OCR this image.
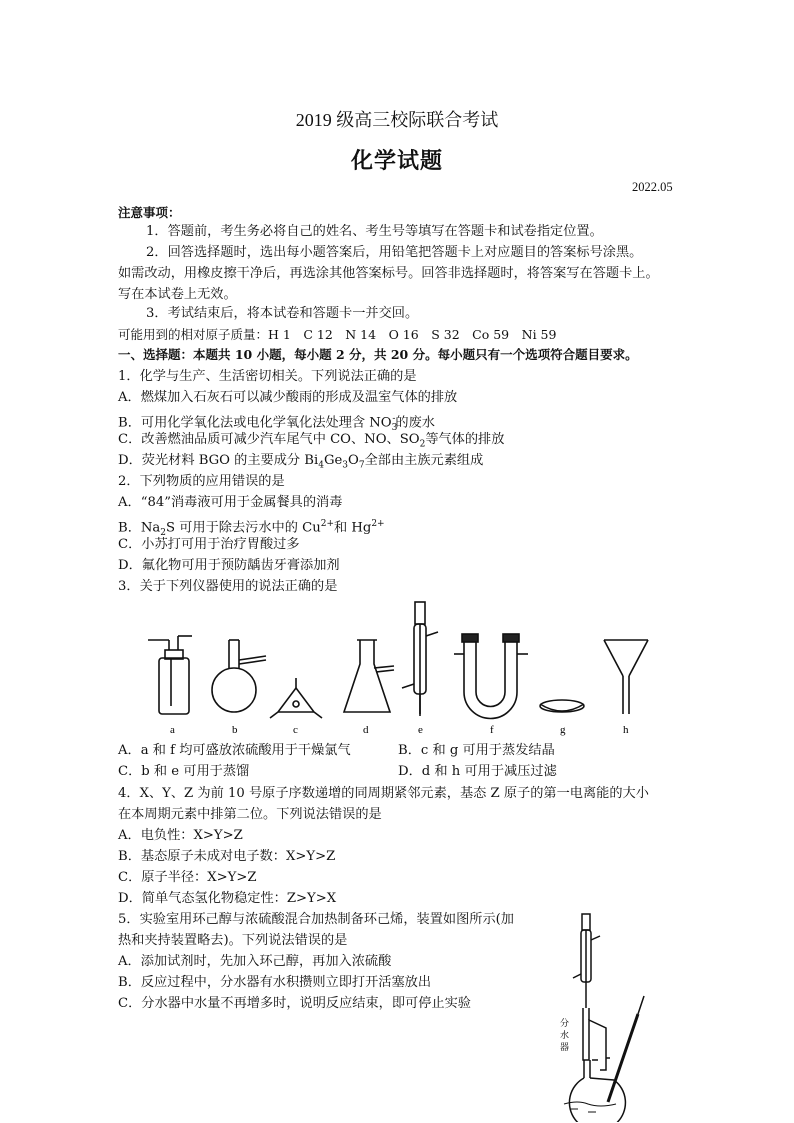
2019 级高三校际联合考试
化学试题
2022.05
注意事项：
1．答题前，考生务必将自己的姓名、考生号等填写在答题卡和试卷指定位置。
2．回答选择题时，选出每小题答案后，用铅笔把答题卡上对应题目的答案标号涂黑。
如需改动，用橡皮擦干净后，再选涂其他答案标号。回答非选择题时，将答案写在答题卡上。
写在本试卷上无效。
3．考试结束后，将本试卷和答题卡一并交回。
可能用到的相对原子质量：H 1　C 12　N 14　O 16　S 32　Co 59　Ni 59
一、选择题：本题共 10 小题，每小题 2 分，共 20 分。每小题只有一个选项符合题目要求。
1．化学与生产、生活密切相关。下列说法正确的是
A．燃煤加入石灰石可以减少酸雨的形成及温室气体的排放
B．可用化学氧化法或电化学氧化法处理含 $NO_3^-$的废水
C．改善燃油品质可减少汽车尾气中 CO、NO、$SO_2$等气体的排放
D．荧光材料 BGO 的主要成分 $Bi_4Ge_3O_7$全部由主族元素组成
2．下列物质的应用错误的是
A．“84”消毒液可用于金属餐具的消毒
B．$Na_2S$ 可用于除去污水中的 $Cu^{2+}$和 $Hg^{2+}$
C．小苏打可用于治疗胃酸过多
D．氟化物可用于预防龋齿牙膏添加剂
3．关于下列仪器使用的说法正确的是
a	b	c	d	e	f	g	h
A．a 和 f 均可盛放浓硫酸用于干燥氯气	B．c 和 g 可用于蒸发结晶
C．b 和 e 可用于蒸馏	D．d 和 h 可用于减压过滤
4．X、Y、Z 为前 10 号原子序数递增的同周期紧邻元素，基态 Z 原子的第一电离能的大小
在本周期元素中排第二位。下列说法错误的是
A．电负性：X>Y>Z
B．基态原子未成对电子数：X>Y>Z
C．原子半径：X>Y>Z
D．简单气态氢化物稳定性：Z>Y>X
5．实验室用环己醇与浓硫酸混合加热制备环己烯，装置如图所示(加
热和夹持装置略去)。下列说法错误的是
A．添加试剂时，先加入环己醇，再加入浓硫酸
B．反应过程中，分水器有水积攒则立即打开活塞放出
C．分水器中水量不再增多时，说明反应结束，即可停止实验
分
水
器
